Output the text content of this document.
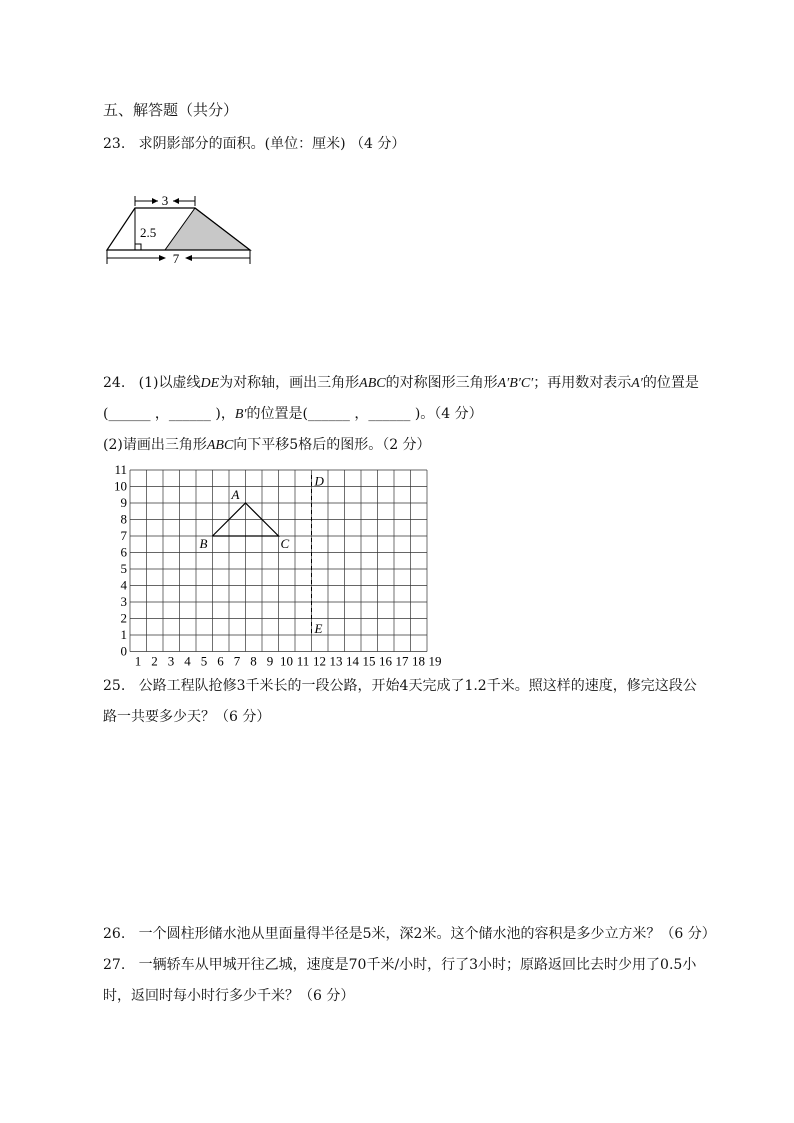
五、解答题（共分）
23. 求阴影部分的面积。(单位：厘米) （4 分）
3
2.5
7
24. (1)以虚线DE为对称轴，画出三角形ABC的对称图形三角形A′B′C′；再用数对表示A′的位置是
(______ ，______ )，B′的位置是(______ ，______ )。（4 分）
(2)请画出三角形ABC向下平移5格后的图形。（2 分）
11
10
9
8
7
6
5
4
3
2
1
0
1 2 3 4 5 6 7 8 9 10 11 12 13 14 15 16 17 18 19
A
B	C
D
E
25. 公路工程队抢修3千米长的一段公路，开始4天完成了1.2千米。照这样的速度，修完这段公
路一共要多少天？（6 分）
26. 一个圆柱形储水池从里面量得半径是5米，深2米。这个储水池的容积是多少立方米？（6 分）
27. 一辆轿车从甲城开往乙城，速度是70千米/小时，行了3小时；原路返回比去时少用了0.5小
时，返回时每小时行多少千米？（6 分）
